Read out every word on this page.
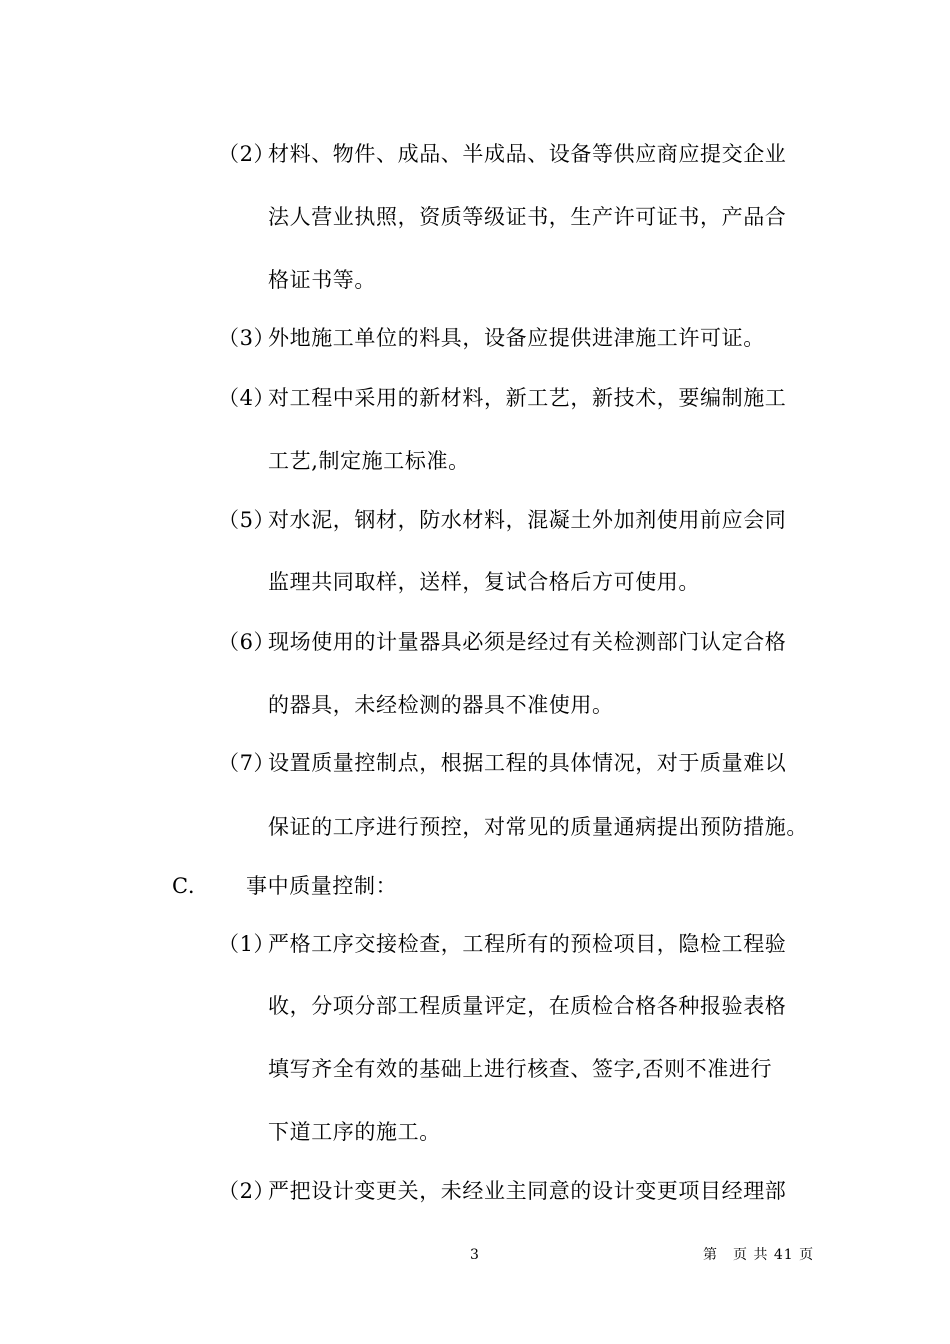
（2）材料、物件、成品、半成品、设备等供应商应提交企业
法人营业执照，资质等级证书，生产许可证书，产品合
格证书等。
（3）外地施工单位的料具，设备应提供进津施工许可证。
（4）对工程中采用的新材料，新工艺，新技术，要编制施工
工艺,制定施工标准。
（5）对水泥，钢材，防水材料，混凝土外加剂使用前应会同
监理共同取样，送样，复试合格后方可使用。
（6）现场使用的计量器具必须是经过有关检测部门认定合格
的器具，未经检测的器具不准使用。
（7）设置质量控制点，根据工程的具体情况，对于质量难以
保证的工序进行预控，对常见的质量通病提出预防措施。
C. 事中质量控制：
（1）严格工序交接检查，工程所有的预检项目，隐检工程验
收，分项分部工程质量评定，在质检合格各种报验表格
填写齐全有效的基础上进行核查、签字,否则不准进行
下道工序的施工。
（2）严把设计变更关，未经业主同意的设计变更项目经理部
3	第　页 共 41 页
